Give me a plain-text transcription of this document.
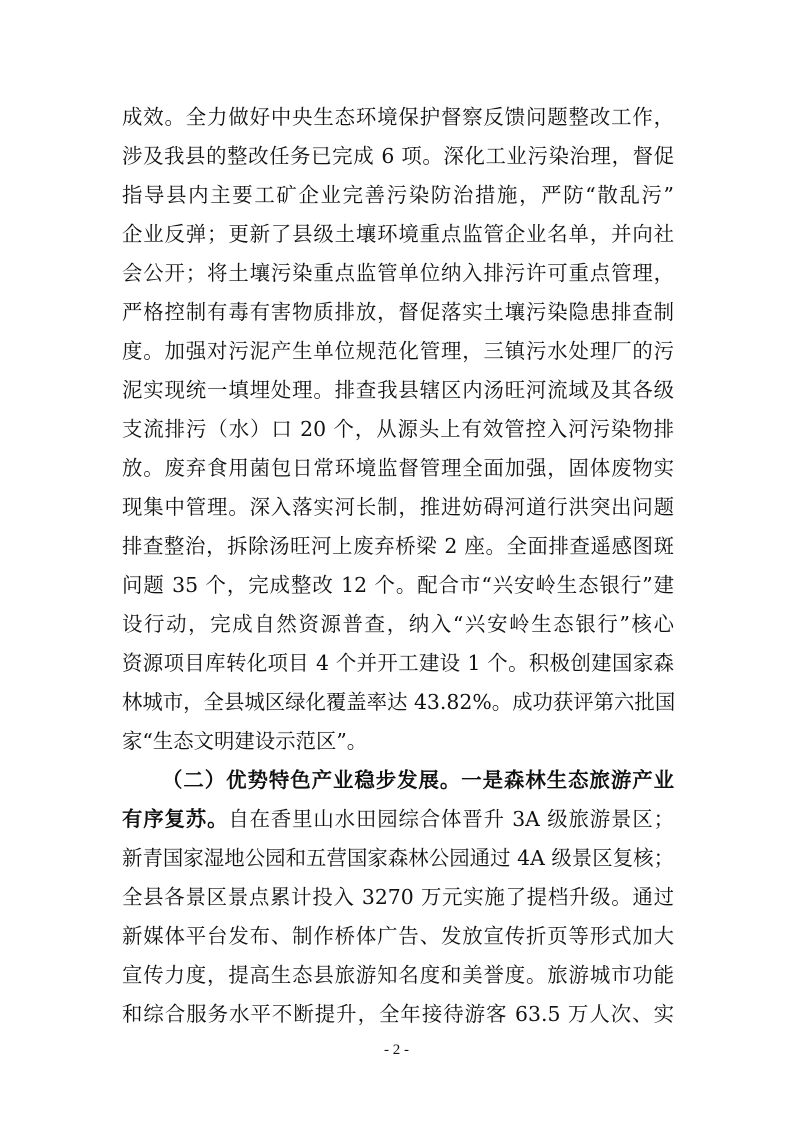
成效。全力做好中央生态环境保护督察反馈问题整改工作，
涉及我县的整改任务已完成 6 项。深化工业污染治理，督促
指导县内主要工矿企业完善污染防治措施，严防“散乱污”
企业反弹；更新了县级土壤环境重点监管企业名单，并向社
会公开；将土壤污染重点监管单位纳入排污许可重点管理，
严格控制有毒有害物质排放，督促落实土壤污染隐患排查制
度。加强对污泥产生单位规范化管理，三镇污水处理厂的污
泥实现统一填埋处理。排查我县辖区内汤旺河流域及其各级
支流排污（水）口 20 个，从源头上有效管控入河污染物排
放。废弃食用菌包日常环境监督管理全面加强，固体废物实
现集中管理。深入落实河长制，推进妨碍河道行洪突出问题
排查整治，拆除汤旺河上废弃桥梁 2 座。全面排查遥感图斑
问题 35 个，完成整改 12 个。配合市“兴安岭生态银行”建
设行动，完成自然资源普查，纳入“兴安岭生态银行”核心
资源项目库转化项目 4 个并开工建设 1 个。积极创建国家森
林城市，全县城区绿化覆盖率达 43.82%。成功获评第六批国
家“生态文明建设示范区”。
（二）优势特色产业稳步发展。一是森林生态旅游产业
有序复苏。自在香里山水田园综合体晋升 3A 级旅游景区；
新青国家湿地公园和五营国家森林公园通过 4A 级景区复核；
全县各景区景点累计投入 3270 万元实施了提档升级。通过
新媒体平台发布、制作桥体广告、发放宣传折页等形式加大
宣传力度，提高生态县旅游知名度和美誉度。旅游城市功能
和综合服务水平不断提升，全年接待游客 63.5 万人次、实
- 2 -
